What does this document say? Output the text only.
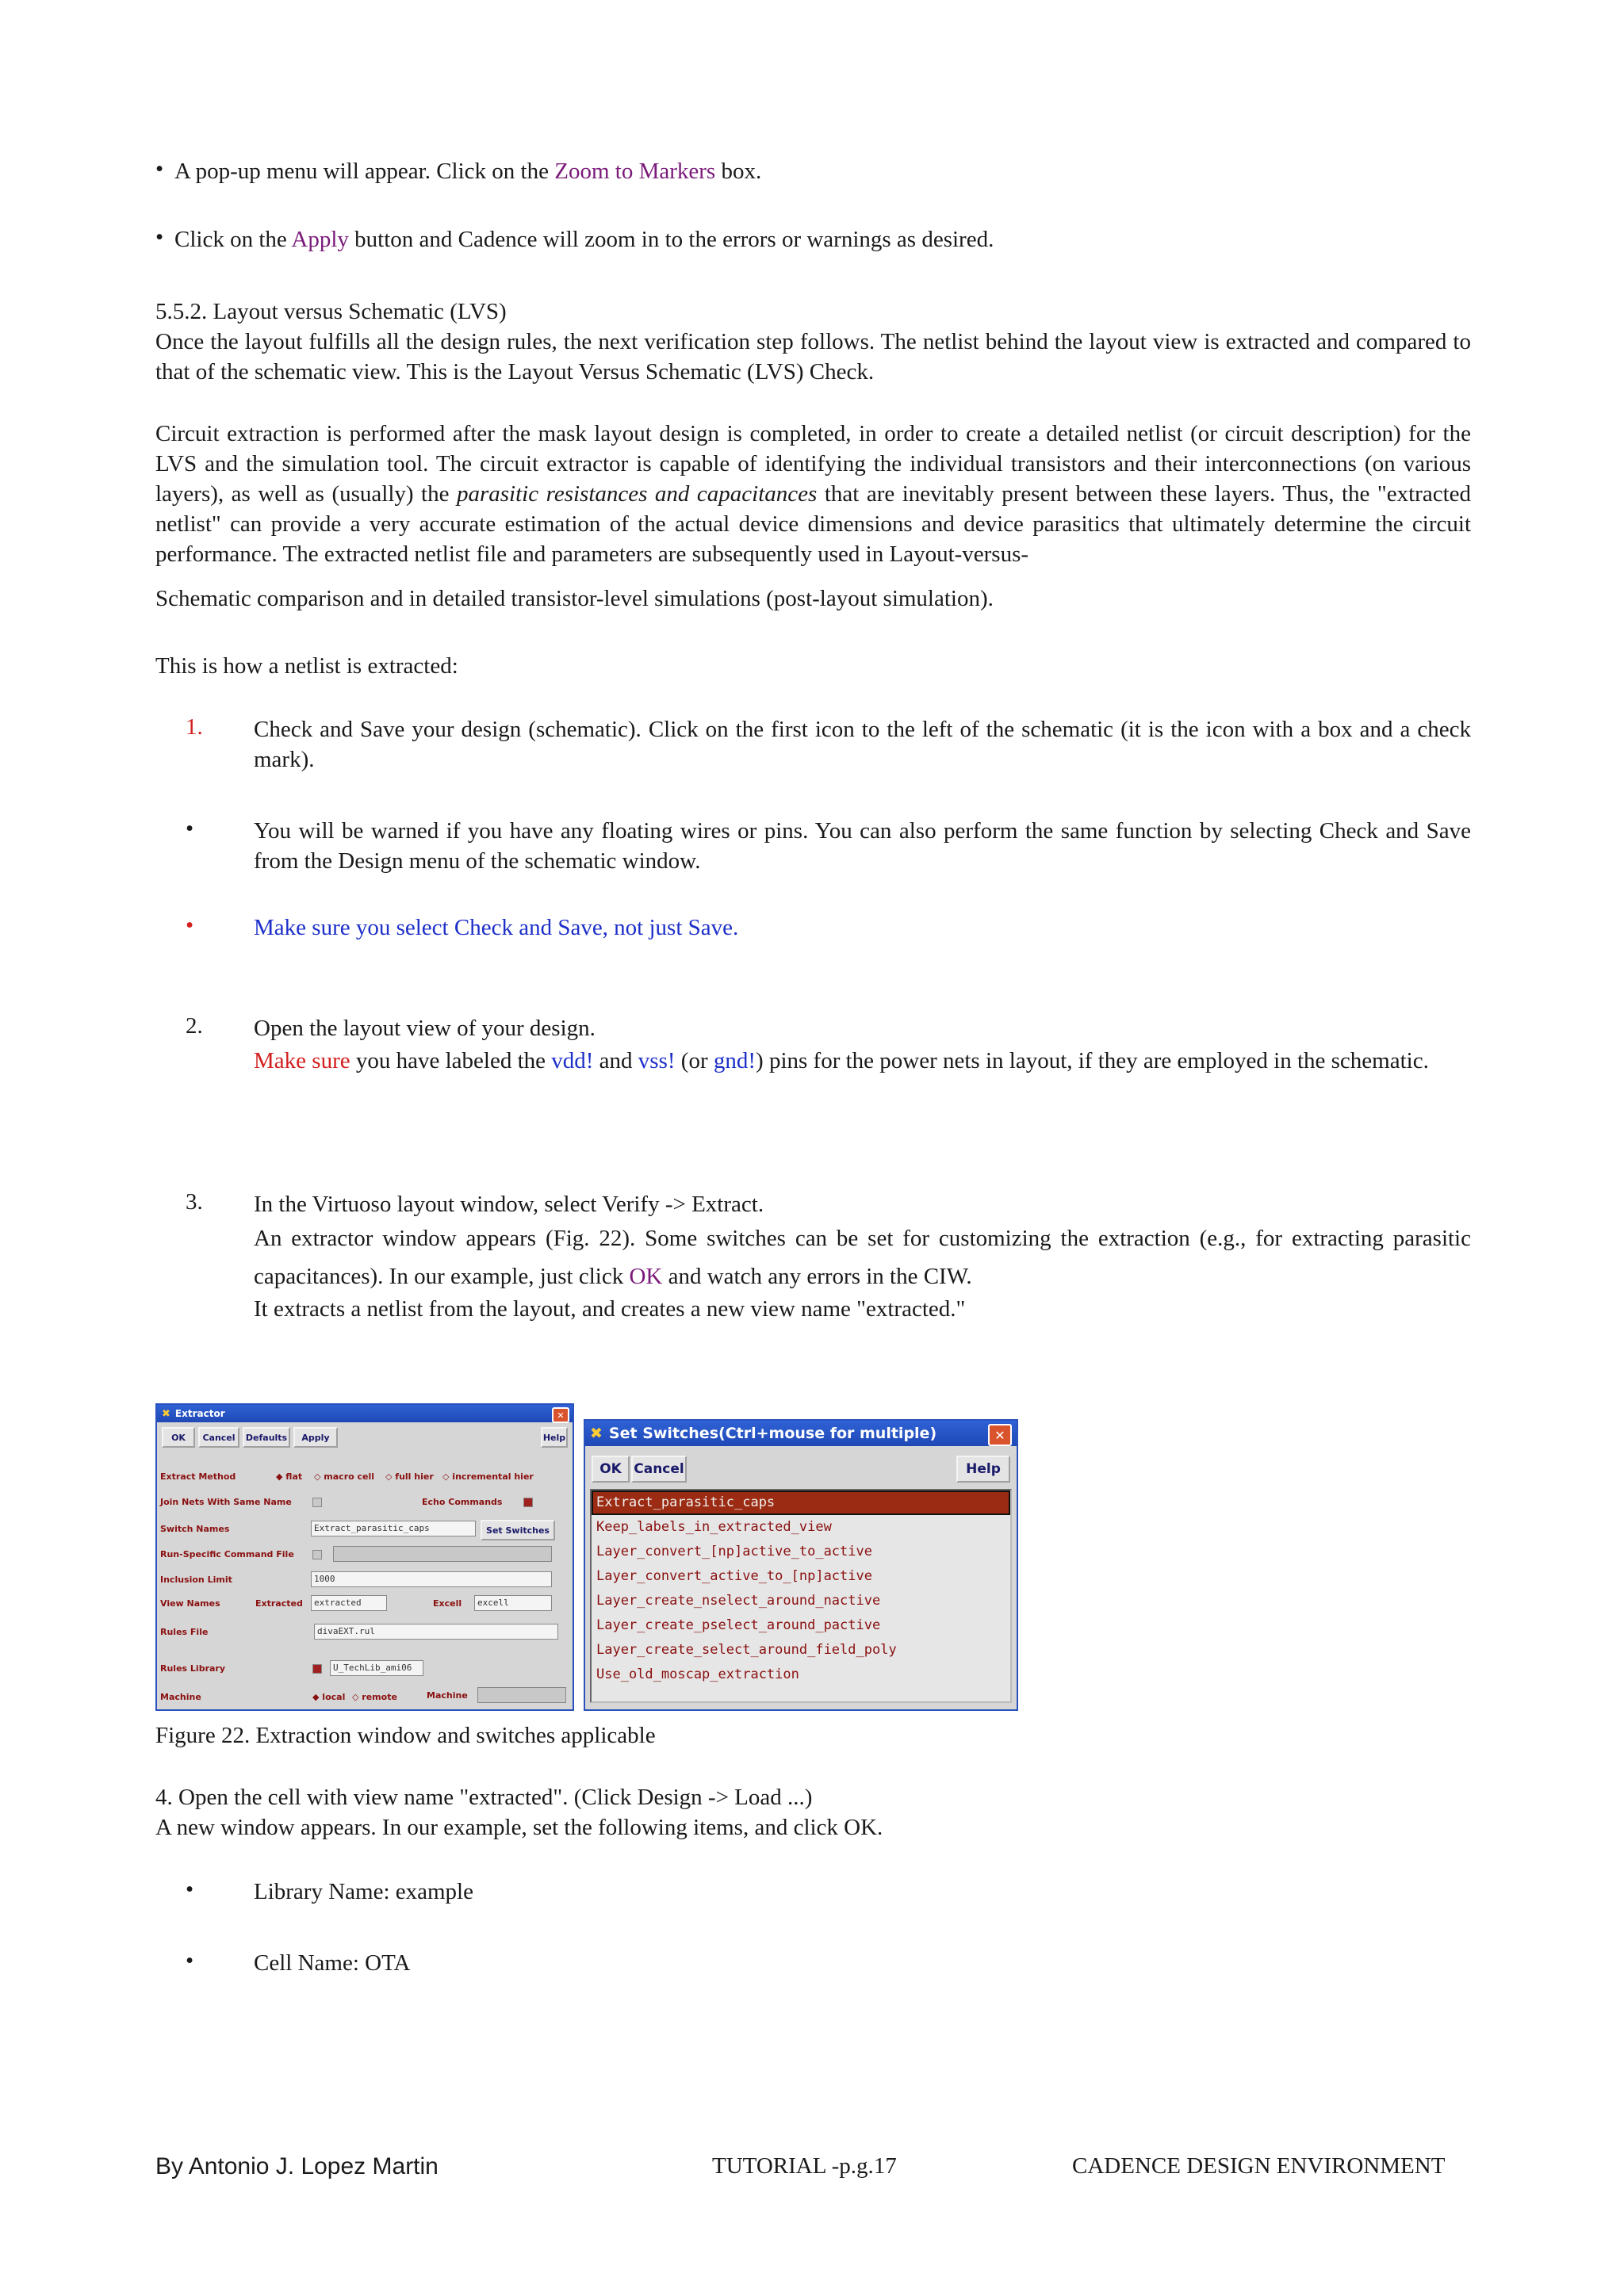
• A pop-up menu will appear. Click on the Zoom to Markers box.
• Click on the Apply button and Cadence will zoom in to the errors or warnings as desired.
5.5.2. Layout versus Schematic (LVS)
Once the layout fulfills all the design rules, the next verification step follows. The netlist behind the layout view is extracted and compared to that of the schematic view. This is the Layout Versus Schematic (LVS) Check.
Circuit extraction is performed after the mask layout design is completed, in order to create a detailed netlist (or circuit description) for the LVS and the simulation tool. The circuit extractor is capable of identifying the individual transistors and their interconnections (on various layers), as well as (usually) the parasitic resistances and capacitances that are inevitably present between these layers. Thus, the "extracted netlist" can provide a very accurate estimation of the actual device dimensions and device parasitics that ultimately determine the circuit performance. The extracted netlist file and parameters are subsequently used in Layout-versus-
Schematic comparison and in detailed transistor-level simulations (post-layout simulation).
This is how a netlist is extracted:
1. Check and Save your design (schematic). Click on the first icon to the left of the schematic (it is the icon with a box and a check mark).
•	You will be warned if you have any floating wires or pins. You can also perform the same function by selecting Check and Save from the Design menu of the schematic window.
•	Make sure you select Check and Save, not just Save.
2. Open the layout view of your design.
Make sure you have labeled the vdd! and vss! (or gnd!) pins for the power nets in layout, if they are employed in the schematic.
3. In the Virtuoso layout window, select Verify -> Extract.
An extractor window appears (Fig. 22). Some switches can be set for customizing the extraction (e.g., for extracting parasitic capacitances). In our example, just click OK and watch any errors in the CIW.
It extracts a netlist from the layout, and creates a new view name "extracted."
✖ Extractor	✕
OK	Cancel	Defaults	Apply	Help
Extract Method	◆ flat ◇ macro cell ◇ full hier ◇ incremental hier
Join Nets With Same Name	Echo Commands
Switch Names	Extract_parasitic_caps	Set Switches
Run-Specific Command File
Inclusion Limit	1000
View Names	Extracted	extracted	Excell	excell
Rules File	divaEXT.rul
Rules Library	U_TechLib_ami06
Machine	◆ local ◇ remote	Machine
✖ Set Switches(Ctrl+mouse for multiple)	✕
OK Cancel	Help
Extract_parasitic_caps
Keep_labels_in_extracted_view
Layer_convert_[np]active_to_active
Layer_convert_active_to_[np]active
Layer_create_nselect_around_nactive
Layer_create_pselect_around_pactive
Layer_create_select_around_field_poly
Use_old_moscap_extraction
Figure 22. Extraction window and switches applicable
4. Open the cell with view name "extracted". (Click Design -> Load ...)
A new window appears. In our example, set the following items, and click OK.
•	Library Name: example
•	Cell Name: OTA
By Antonio J. Lopez Martin	TUTORIAL -p.g.17	CADENCE DESIGN ENVIRONMENT
